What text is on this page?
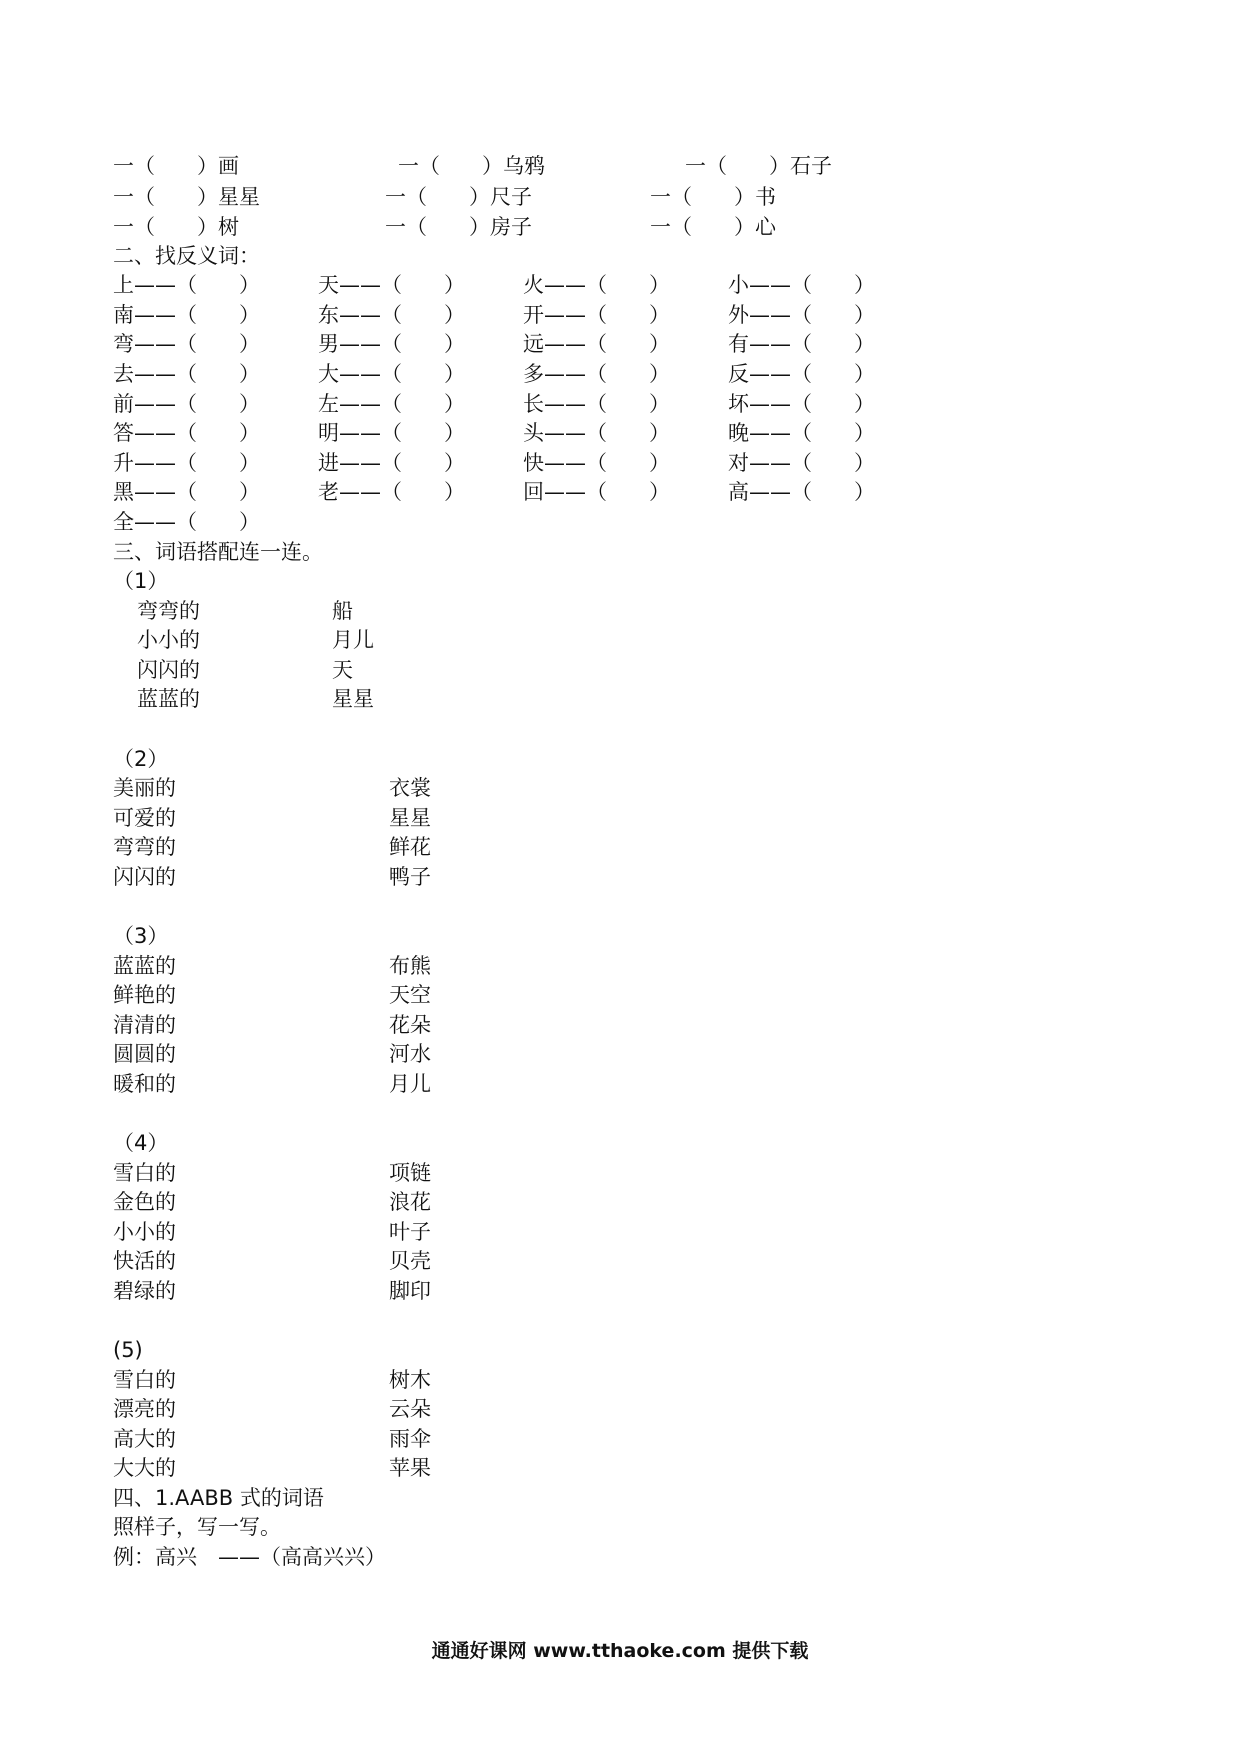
一（　　）画	一（　　）乌鸦	一（　　）石子
一（　　）星星	一（　　）尺子	一（　　）书
一（　　）树	一（　　）房子	一（　　）心
二、找反义词：
上——（　　）	天——（　　）	火——（　　）	小——（　　）
南——（　　）	东——（　　）	开——（　　）	外——（　　）
弯——（　　）	男——（　　）	远——（　　）	有——（　　）
去——（　　）	大——（　　）	多——（　　）	反——（　　）
前——（　　）	左——（　　）	长——（　　）	坏——（　　）
答——（　　）	明——（　　）	头——（　　）	晚——（　　）
升——（　　）	进——（　　）	快——（　　）	对——（　　）
黑——（　　）	老——（　　）	回——（　　）	高——（　　）
全——（　　）
三、词语搭配连一连。
（1）
弯弯的	船
小小的	月儿
闪闪的	天
蓝蓝的	星星
（2）
美丽的	衣裳
可爱的	星星
弯弯的	鲜花
闪闪的	鸭子
（3）
蓝蓝的	布熊
鲜艳的	天空
清清的	花朵
圆圆的	河水
暖和的	月儿
（4）
雪白的	项链
金色的	浪花
小小的	叶子
快活的	贝壳
碧绿的	脚印
(5)
雪白的	树木
漂亮的	云朵
高大的	雨伞
大大的	苹果
四、1.AABB 式的词语
照样子，写一写。
例：高兴　——（高高兴兴）
通通好课网 www.tthaoke.com 提供下载
